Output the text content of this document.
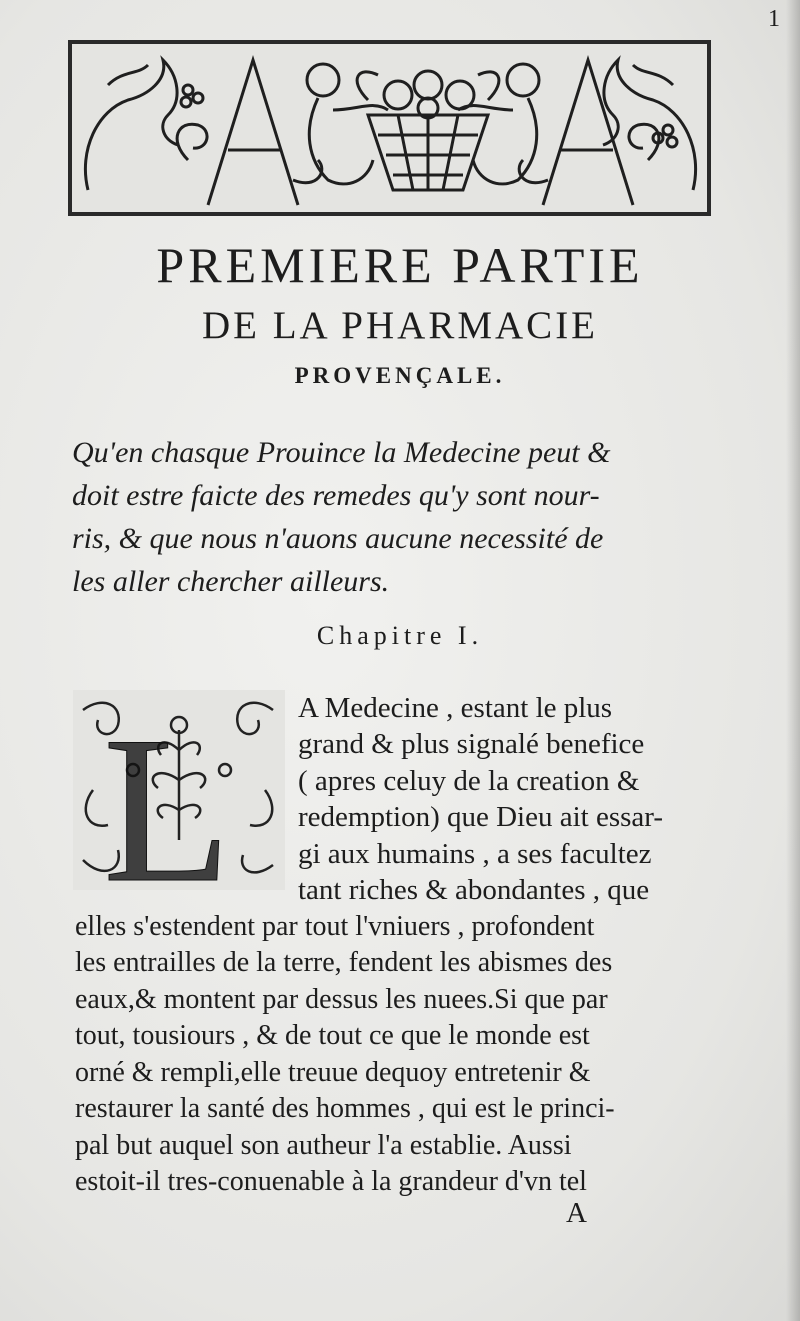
1
PREMIERE PARTIE
DE LA PHARMACIE
PROVENÇALE.
Qu'en chasque Prouince la Medecine peut &
doit estre faicte des remedes qu'y sont nour-
ris, & que nous n'auons aucune necessité de
les aller chercher ailleurs.
Chapitre I.
L A Medecine , estant le plus
grand & plus signalé benefice
( apres celuy de la creation &
redemption) que Dieu ait essar-
gi aux humains , a ses facultez
tant riches & abondantes , que
elles s'estendent par tout l'vniuers , profondent
les entrailles de la terre, fendent les abismes des
eaux,& montent par dessus les nuees.Si que par
tout, tousiours , & de tout ce que le monde est
orné & rempli,elle treuue dequoy entretenir &
restaurer la santé des hommes , qui est le princi-
pal but auquel son autheur l'a establie. Aussi
estoit-il tres-conuenable à la grandeur d'vn tel
A
